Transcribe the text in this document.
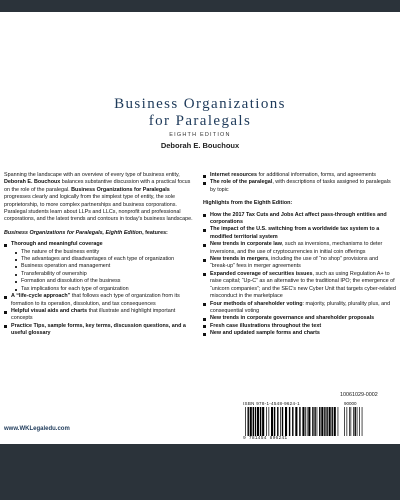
Business Organizations
for Paralegals
EIGHTH EDITION
Deborah E. Bouchoux

Spanning the landscape with an overview of every type of business entity, Deborah E. Bouchoux balances substantive discussion with a practical focus on the role of the paralegal. Business Organizations for Paralegals progresses clearly and logically from the simplest type of entity, the sole proprietorship, to more complex partnerships and business corporations. Paralegal students learn about LLPs and LLCs, nonprofit and professional corporations, and the latest trends and contours in today's business landscape.

Business Organizations for Paralegals, Eighth Edition, features:

Thorough and meaningful coverage
The nature of the business entity
The advantages and disadvantages of each type of organization
Business operation and management
Transferability of ownership
Formation and dissolution of the business
Tax implications for each type of organization
A “life-cycle approach” that follows each type of organization from its formation to its operation, dissolution, and tax consequences
Helpful visual aids and charts that illustrate and highlight important concepts
Practice Tips, sample forms, key terms, discussion questions, and a useful glossary
www.WKLegaledu.com
Internet resources for additional information, forms, and agreements
The role of the paralegal, with descriptions of tasks assigned to paralegals by topic

Highlights from the Eighth Edition:

How the 2017 Tax Cuts and Jobs Act affect pass-through entities and corporations
The impact of the U.S. switching from a worldwide tax system to a modified territorial system
New trends in corporate law, such as inversions, mechanisms to deter inversions, and the use of cryptocurrencies in initial coin offerings
New trends in mergers, including the use of “no shop” provisions and “break-up” fees in merger agreements
Expanded coverage of securities issues, such as using Regulation A+ to raise capital; “Up-C” as an alternative to the traditional IPO; the emergence of “unicorn companies”; and the SEC's new Cyber Unit that targets cyber-related misconduct in the marketplace
Four methods of shareholder voting: majority, plurality, plurality plus, and consequential voting
New trends in corporate governance and shareholder proposals
Fresh case illustrations throughout the text
New and updated sample forms and charts
10061029-0002
ISBN 978-1-4548-9624-1
9 781454 896241
90000
